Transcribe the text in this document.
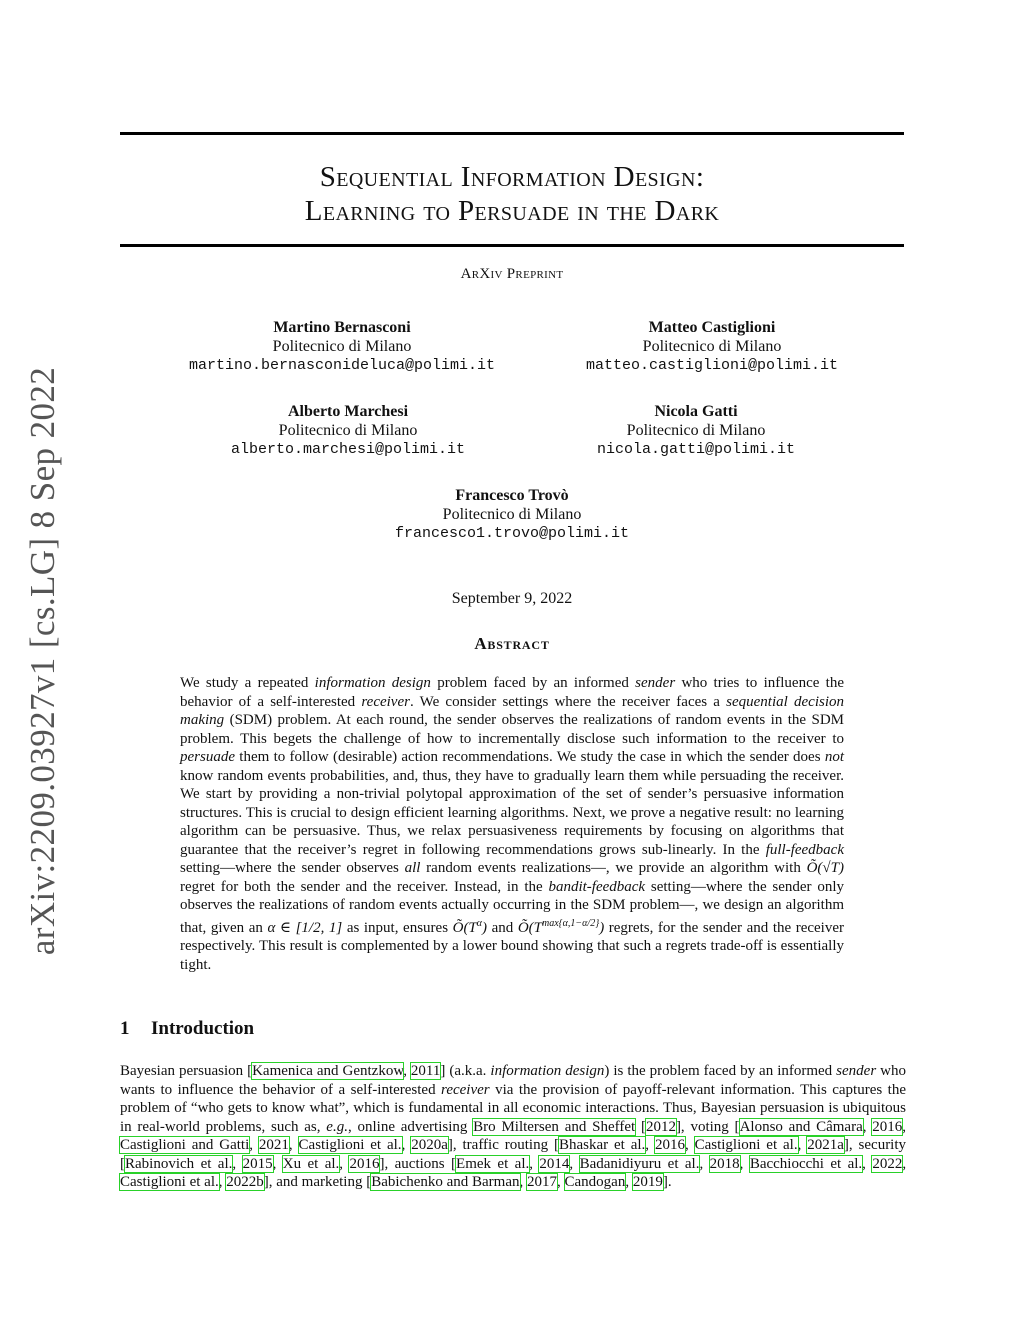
arXiv:2209.03927v1 [cs.LG] 8 Sep 2022
Sequential Information Design:
Learning to Persuade in the Dark
ArXiv Preprint
Martino Bernasconi
Politecnico di Milano
martino.bernasconideluca@polimi.it
Matteo Castiglioni
Politecnico di Milano
matteo.castiglioni@polimi.it
Alberto Marchesi
Politecnico di Milano
alberto.marchesi@polimi.it
Nicola Gatti
Politecnico di Milano
nicola.gatti@polimi.it
Francesco Trovò
Politecnico di Milano
francesco1.trovo@polimi.it
September 9, 2022
Abstract
We study a repeated information design problem faced by an informed sender who tries to influence the behavior of a self-interested receiver. We consider settings where the receiver faces a sequential decision making (SDM) problem. At each round, the sender observes the realizations of random events in the SDM problem. This begets the challenge of how to incrementally disclose such information to the receiver to persuade them to follow (desirable) action recommendations. We study the case in which the sender does not know random events probabilities, and, thus, they have to gradually learn them while persuading the receiver. We start by providing a non-trivial polytopal approximation of the set of sender’s persuasive information structures. This is crucial to design efficient learning algorithms. Next, we prove a negative result: no learning algorithm can be persuasive. Thus, we relax persuasiveness requirements by focusing on algorithms that guarantee that the receiver’s regret in following recommendations grows sub-linearly. In the full-feedback setting—where the sender observes all random events realizations—, we provide an algorithm with Õ(√T) regret for both the sender and the receiver. Instead, in the bandit-feedback setting—where the sender only observes the realizations of random events actually occurring in the SDM problem—, we design an algorithm that, given an α ∈ [1/2, 1] as input, ensures $Õ(T^\alpha)$ and $Õ(T^{max\{\alpha,1-\alpha/2\}})$ regrets, for the sender and the receiver respectively. This result is complemented by a lower bound showing that such a regrets trade-off is essentially tight.
1 Introduction
Bayesian persuasion [Kamenica and Gentzkow, 2011] (a.k.a. information design) is the problem faced by an informed sender who wants to influence the behavior of a self-interested receiver via the provision of payoff-relevant information. This captures the problem of “who gets to know what”, which is fundamental in all economic interactions. Thus, Bayesian persuasion is ubiquitous in real-world problems, such as, e.g., online advertising Bro Miltersen and Sheffet [2012], voting [Alonso and Câmara, 2016, Castiglioni and Gatti, 2021, Castiglioni et al., 2020a], traffic routing [Bhaskar et al., 2016, Castiglioni et al., 2021a], security [Rabinovich et al., 2015, Xu et al., 2016], auctions [Emek et al., 2014, Badanidiyuru et al., 2018, Bacchiocchi et al., 2022, Castiglioni et al., 2022b], and marketing [Babichenko and Barman, 2017, Candogan, 2019].
